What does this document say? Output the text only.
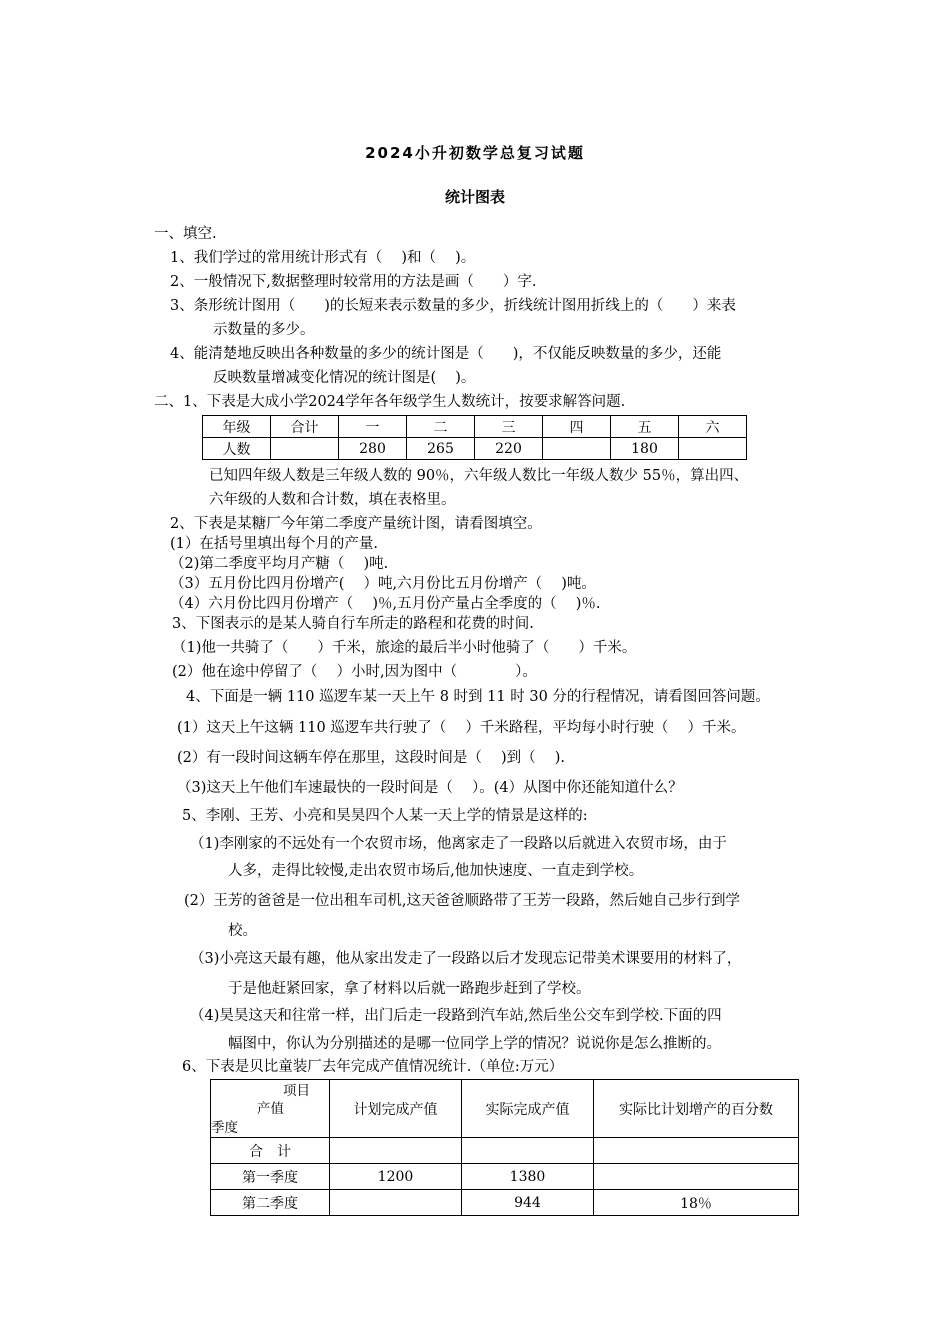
2024小升初数学总复习试题
统计图表
一、填空.
1、我们学过的常用统计形式有（　 )和（　 )。
2、一般情况下,数据整理时较常用的方法是画（　　）字.
3、条形统计图用（　　)的长短来表示数量的多少，折线统计图用折线上的（　　）来表
示数量的多少。
4、能清楚地反映出各种数量的多少的统计图是（　　)，不仅能反映数量的多少，还能
反映数量增减变化情况的统计图是(　 )。
二、1、下表是大成小学2024学年各年级学生人数统计，按要求解答问题.
年级	合计	一	二	三	四	五	六
人数		280	265	220		180	
已知四年级人数是三年级人数的 90％，六年级人数比一年级人数少 55％，算出四、
六年级的人数和合计数，填在表格里。
2、下表是某糖厂今年第二季度产量统计图，请看图填空。
(1）在括号里填出每个月的产量.
（2)第二季度平均月产糖（　 )吨.
（3）五月份比四月份增产(　 ）吨,六月份比五月份增产（　 )吨。
（4）六月份比四月份增产（　 )％,五月份产量占全季度的（　 )％.
3、下图表示的是某人骑自行车所走的路程和花费的时间.
（1)他一共骑了（　　）千米，旅途的最后半小时他骑了（　　）千米。
(2）他在途中停留了（　 ）小时,因为图中（　　　　）。
4、下面是一辆 110 巡逻车某一天上午 8 时到 11 时 30 分的行程情况，请看图回答问题。
(1）这天上午这辆 110 巡逻车共行驶了（　 ）千米路程，平均每小时行驶（　 ）千米。
(2）有一段时间这辆车停在那里，这段时间是（　 )到（　 ).
（3)这天上午他们车速最快的一段时间是（　 ）。(4）从图中你还能知道什么？
5、李刚、王芳、小亮和昊昊四个人某一天上学的情景是这样的:
（1)李刚家的不远处有一个农贸市场，他离家走了一段路以后就进入农贸市场，由于
人多，走得比较慢,走出农贸市场后,他加快速度、一直走到学校。
(2）王芳的爸爸是一位出租车司机,这天爸爸顺路带了王芳一段路，然后她自己步行到学
校。
（3)小亮这天最有趣，他从家出发走了一段路以后才发现忘记带美术课要用的材料了，
于是他赶紧回家，拿了材料以后就一路跑步赶到了学校。
（4)昊昊这天和往常一样，出门后走一段路到汽车站,然后坐公交车到学校.下面的四
幅图中，你认为分别描述的是哪一位同学上学的情况？说说你是怎么推断的。
6、下表是贝比童装厂去年完成产值情况统计.（单位:万元）
项目
产值
季度	计划完成产值	实际完成产值	实际比计划增产的百分数
合　计			
第一季度	1200	1380	
第二季度		944	18％
